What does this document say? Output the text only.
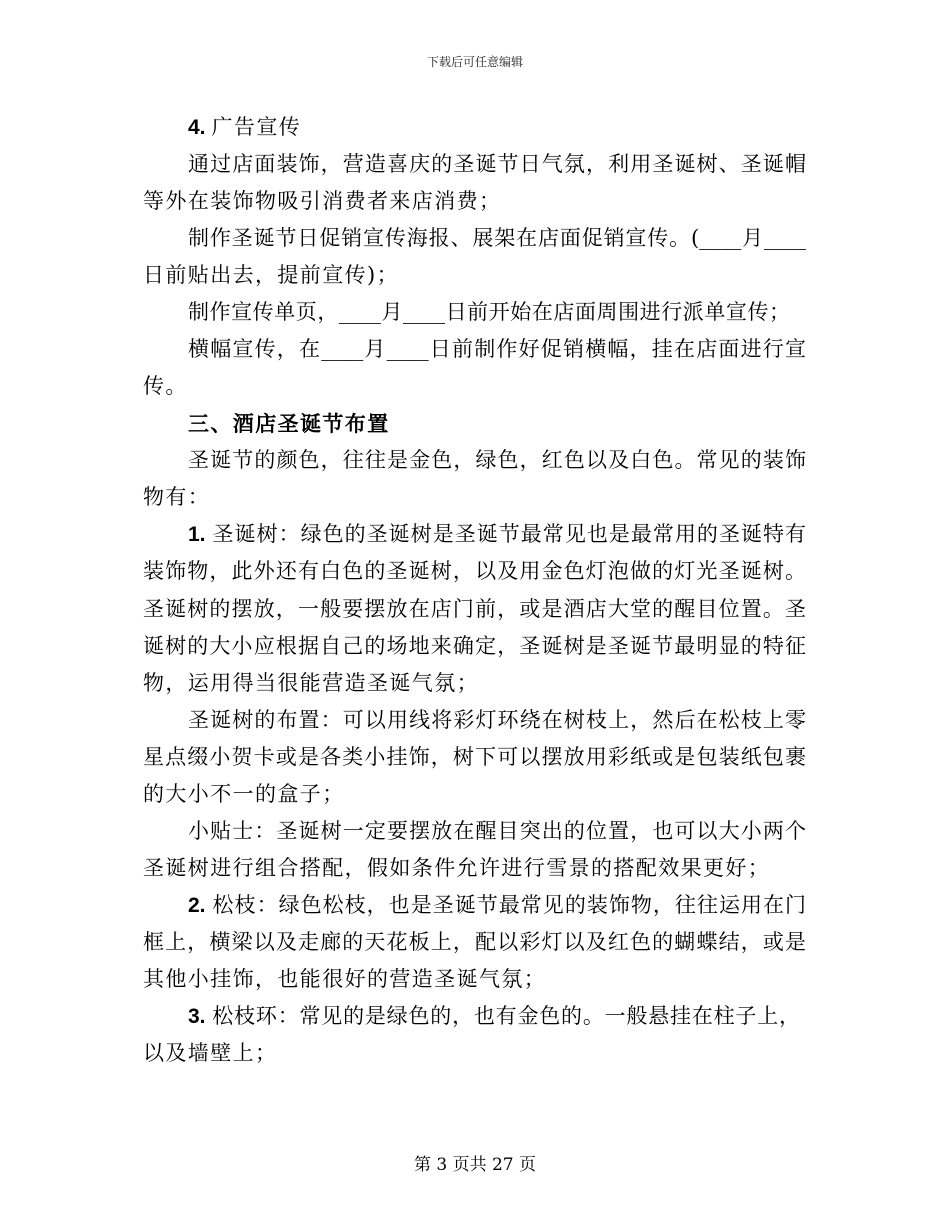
下载后可任意编辑
4. 广告宣传
通过店面装饰，营造喜庆的圣诞节日气氛，利用圣诞树、圣诞帽
等外在装饰物吸引消费者来店消费；
制作圣诞节日促销宣传海报、展架在店面促销宣传。(____月____
日前贴出去，提前宣传)；
制作宣传单页，____月____日前开始在店面周围进行派单宣传；
横幅宣传，在____月____日前制作好促销横幅，挂在店面进行宣
传。
三、酒店圣诞节布置
圣诞节的颜色，往往是金色，绿色，红色以及白色。常见的装饰
物有：
1. 圣诞树：绿色的圣诞树是圣诞节最常见也是最常用的圣诞特有
装饰物，此外还有白色的圣诞树，以及用金色灯泡做的灯光圣诞树。
圣诞树的摆放，一般要摆放在店门前，或是酒店大堂的醒目位置。圣
诞树的大小应根据自己的场地来确定，圣诞树是圣诞节最明显的特征
物，运用得当很能营造圣诞气氛；
圣诞树的布置：可以用线将彩灯环绕在树枝上，然后在松枝上零
星点缀小贺卡或是各类小挂饰，树下可以摆放用彩纸或是包装纸包裹
的大小不一的盒子；
小贴士：圣诞树一定要摆放在醒目突出的位置，也可以大小两个
圣诞树进行组合搭配，假如条件允许进行雪景的搭配效果更好；
2. 松枝：绿色松枝，也是圣诞节最常见的装饰物，往往运用在门
框上，横梁以及走廊的天花板上，配以彩灯以及红色的蝴蝶结，或是
其他小挂饰，也能很好的营造圣诞气氛；
3. 松枝环：常见的是绿色的，也有金色的。一般悬挂在柱子上，
以及墙壁上；
第 3 页共 27 页
